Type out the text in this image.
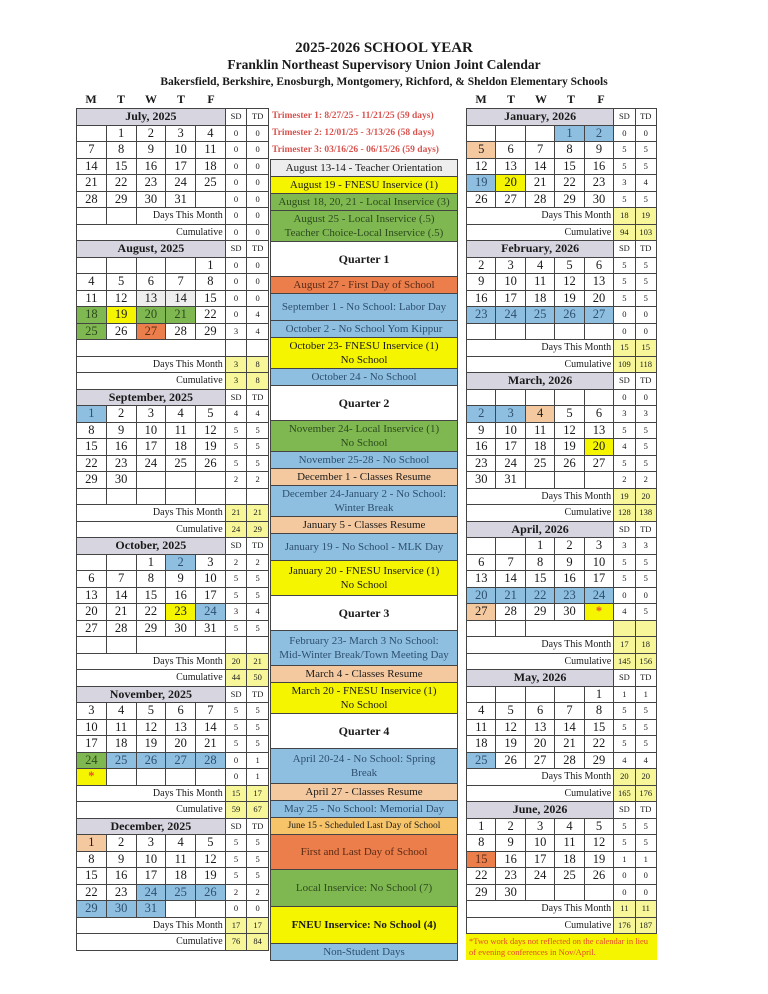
2025-2026 SCHOOL YEAR
Franklin Northeast Supervisory Union Joint Calendar
Bakersfield, Berkshire, Enosburgh, Montgomery, Richford, & Sheldon Elementary Schools
M T W T F	M T W T F
July, 2025					SD	TD
	1	2	3	4	0	0
7	8	9	10	11	0	0
14	15	16	17	18	0	0
21	22	23	24	25	0	0
28	29	30	31		0	0
		Days This Month			0	0
Cumulative					0	0
August, 2025					SD	TD
				1	0	0
4	5	6	7	8	0	0
11	12	13	14	15	0	0
18	19	20	21	22	0	4
25	26	27	28	29	3	4

Days This Month					3	8
Cumulative					3	8
September, 2025					SD	TD
1	2	3	4	5	4	4
8	9	10	11	12	5	5
15	16	17	18	19	5	5
22	23	24	25	26	5	5
29	30				2	2

Days This Month					21	21
Cumulative					24	29
October, 2025					SD	TD
		1	2	3	2	2
6	7	8	9	10	5	5
13	14	15	16	17	5	5
20	21	22	23	24	3	4
27	28	29	30	31	5	5

Days This Month					20	21
Cumulative					44	50
November, 2025					SD	TD
3	4	5	6	7	5	5
10	11	12	13	14	5	5
17	18	19	20	21	5	5
24	25	26	27	28	0	1
*					0	1
Days This Month					15	17
Cumulative					59	67
December, 2025					SD	TD
1	2	3	4	5	5	5
8	9	10	11	12	5	5
15	16	17	18	19	5	5
22	23	24	25	26	2	2
29	30	31			0	0
Days This Month					17	17
Cumulative					76	84
Trimester 1: 8/27/25 - 11/21/25 (59 days)
Trimester 2: 12/01/25 - 3/13/26 (58 days)
Trimester 3: 03/16/26 - 06/15/26 (59 days)
August 13-14 - Teacher Orientation
August 19 - FNESU Inservice (1)
August 18, 20, 21 - Local Inservice (3)
August 25 - Local Inservice (.5)
Teacher Choice-Local Inservice (.5)
Quarter 1
August 27 - First Day of School
September 1 - No School: Labor Day
October 2 - No School Yom Kippur
October 23- FNESU Inservice (1)
No School
October 24 - No School
Quarter 2
November 24- Local Inservice (1)
No School
November 25-28 - No School
December 1 - Classes Resume
December 24-January 2 - No School:
Winter Break
January 5 - Classes Resume
January 19 - No School - MLK Day
January 20 - FNESU Inservice (1)
No School
Quarter 3
February 23- March 3 No School:
Mid-Winter Break/Town Meeting Day
March 4 - Classes Resume
March 20 - FNESU Inservice (1)
No School
Quarter 4
April 20-24 - No School: Spring
Break
April 27 - Classes Resume
May 25 - No School: Memorial Day
June 15 - Scheduled Last Day of School
First and Last Day of School
Local Inservice: No School (7)
FNEU Inservice: No School (4)
Non-Student Days
January, 2026					SD	TD
			1	2	0	0
5	6	7	8	9	5	5
12	13	14	15	16	5	5
19	20	21	22	23	3	4
26	27	28	29	30	5	5
Days This Month					18	19
Cumulative					94	103
February, 2026					SD	TD
2	3	4	5	6	5	5
9	10	11	12	13	5	5
16	17	18	19	20	5	5
23	24	25	26	27	0	0
					0	0
Days This Month					15	15
Cumulative					109	118
March, 2026					SD	TD
					0	0
2	3	4	5	6	3	3
9	10	11	12	13	5	5
16	17	18	19	20	4	5
23	24	25	26	27	5	5
30	31				2	2
Days This Month					19	20
Cumulative					128	138
April, 2026					SD	TD
		1	2	3	3	3
6	7	8	9	10	5	5
13	14	15	16	17	5	5
20	21	22	23	24	0	0
27	28	29	30	*	4	5

Days This Month					17	18
Cumulative					145	156
May, 2026					SD	TD
				1	1	1
4	5	6	7	8	5	5
11	12	13	14	15	5	5
18	19	20	21	22	5	5
25	26	27	28	29	4	4
Days This Month					20	20
Cumulative					165	176
June, 2026					SD	TD
1	2	3	4	5	5	5
8	9	10	11	12	5	5
15	16	17	18	19	1	1
22	23	24	25	26	0	0
29	30				0	0
Days This Month					11	11
Cumulative					176	187
*Two work days not reflected on the calendar in lieu of evening conferences in Nov/April.
